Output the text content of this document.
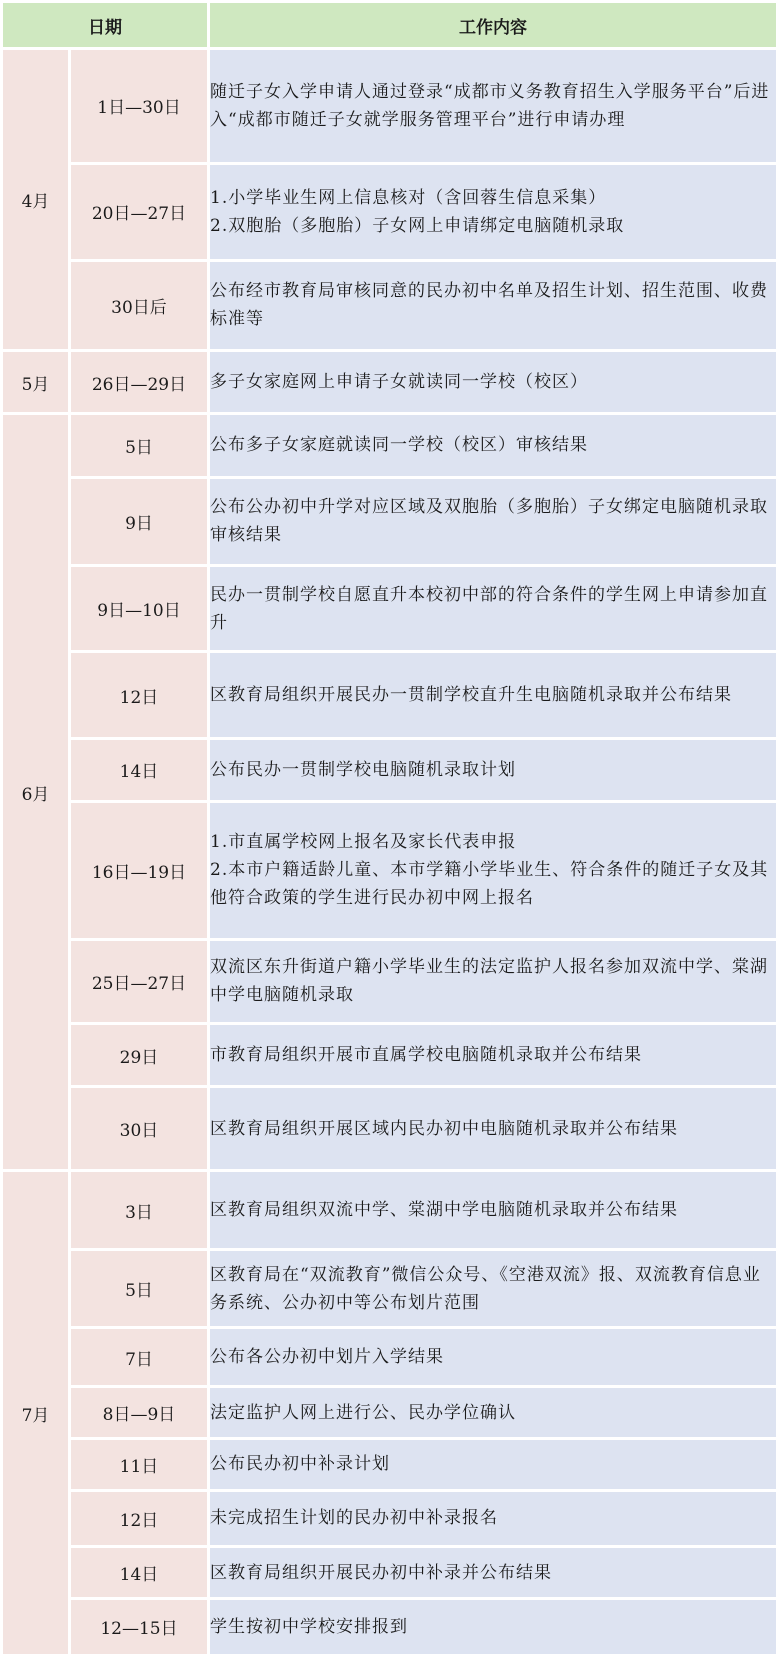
日期		工作内容
4月	1日—30日	随迁子女入学申请人通过登录“成都市义务教育招生入学服务平台”后进入“成都市随迁子女就学服务管理平台”进行申请办理
	20日—27日	1.小学毕业生网上信息核对（含回蓉生信息采集）
2.双胞胎（多胞胎）子女网上申请绑定电脑随机录取
	30日后	公布经市教育局审核同意的民办初中名单及招生计划、招生范围、收费标准等
5月	26日—29日	多子女家庭网上申请子女就读同一学校（校区）
6月	5日	公布多子女家庭就读同一学校（校区）审核结果
	9日	公布公办初中升学对应区域及双胞胎（多胞胎）子女绑定电脑随机录取审核结果
	9日—10日	民办一贯制学校自愿直升本校初中部的符合条件的学生网上申请参加直升
	12日	区教育局组织开展民办一贯制学校直升生电脑随机录取并公布结果
	14日	公布民办一贯制学校电脑随机录取计划
	16日—19日	1.市直属学校网上报名及家长代表申报
2.本市户籍适龄儿童、本市学籍小学毕业生、符合条件的随迁子女及其他符合政策的学生进行民办初中网上报名
	25日—27日	双流区东升街道户籍小学毕业生的法定监护人报名参加双流中学、棠湖中学电脑随机录取
	29日	市教育局组织开展市直属学校电脑随机录取并公布结果
	30日	区教育局组织开展区域内民办初中电脑随机录取并公布结果
7月	3日	区教育局组织双流中学、棠湖中学电脑随机录取并公布结果
	5日	区教育局在“双流教育”微信公众号、《空港双流》报、双流教育信息业务系统、公办初中等公布划片范围
	7日	公布各公办初中划片入学结果
	8日—9日	法定监护人网上进行公、民办学位确认
	11日	公布民办初中补录计划
	12日	未完成招生计划的民办初中补录报名
	14日	区教育局组织开展民办初中补录并公布结果
	12—15日	学生按初中学校安排报到
